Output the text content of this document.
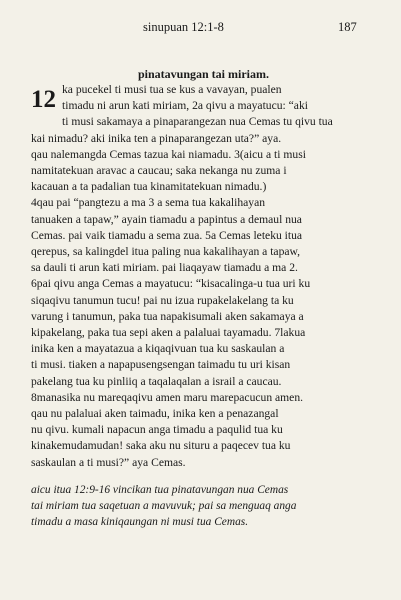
sinupuan 12:1-8	187
pinatavungan tai miriam.
12 ka pucekel ti musi tua se kus a vavayan, pualen
timadu ni arun kati miriam, 2a qivu a mayatucu: “aki
ti musi sakamaya a pinaparangezan nua Cemas tu qivu tua
kai nimadu? aki inika ten a pinaparangezan uta?” aya.
qau nalemangda Cemas tazua kai niamadu. 3(aicu a ti musi
namitatekuan aravac a caucau; saka nekanga nu zuma i
kacauan a ta padalian tua kinamitatekuan nimadu.)
4qau pai “pangtezu a ma 3 a sema tua kakalihayan
tanuaken a tapaw,” ayain tiamadu a papintus a demaul nua
Cemas. pai vaik tiamadu a sema zua. 5a Cemas leteku itua
qerepus, sa kalingdel itua paling nua kakalihayan a tapaw,
sa dauli ti arun kati miriam. pai liaqayaw tiamadu a ma 2.
6pai qivu anga Cemas a mayatucu: “kisacalinga-u tua uri ku
siqaqivu tanumun tucu! pai nu izua rupakelakelang ta ku
varung i tanumun, paka tua napakisumali aken sakamaya a
kipakelang, paka tua sepi aken a palaluai tayamadu. 7lakua
inika ken a mayatazua a kiqaqivuan tua ku saskaulan a
ti musi. tiaken a napapusengsengan taimadu tu uri kisan
pakelang tua ku pinliiq a taqalaqalan a israil a caucau.
8manasika nu mareqaqivu amen maru marepacucun amen.
qau nu palaluai aken taimadu, inika ken a penazangal
nu qivu. kumali napacun anga timadu a paqulid tua ku
kinakemudamudan! saka aku nu situru a paqecev tua ku
saskaulan a ti musi?” aya Cemas.
aicu itua 12:9-16 vincikan tua pinatavungan nua Cemas
tai miriam tua saqetuan a mavuvuk; pai sa menguaq anga
timadu a masa kiniqaungan ni musi tua Cemas.
